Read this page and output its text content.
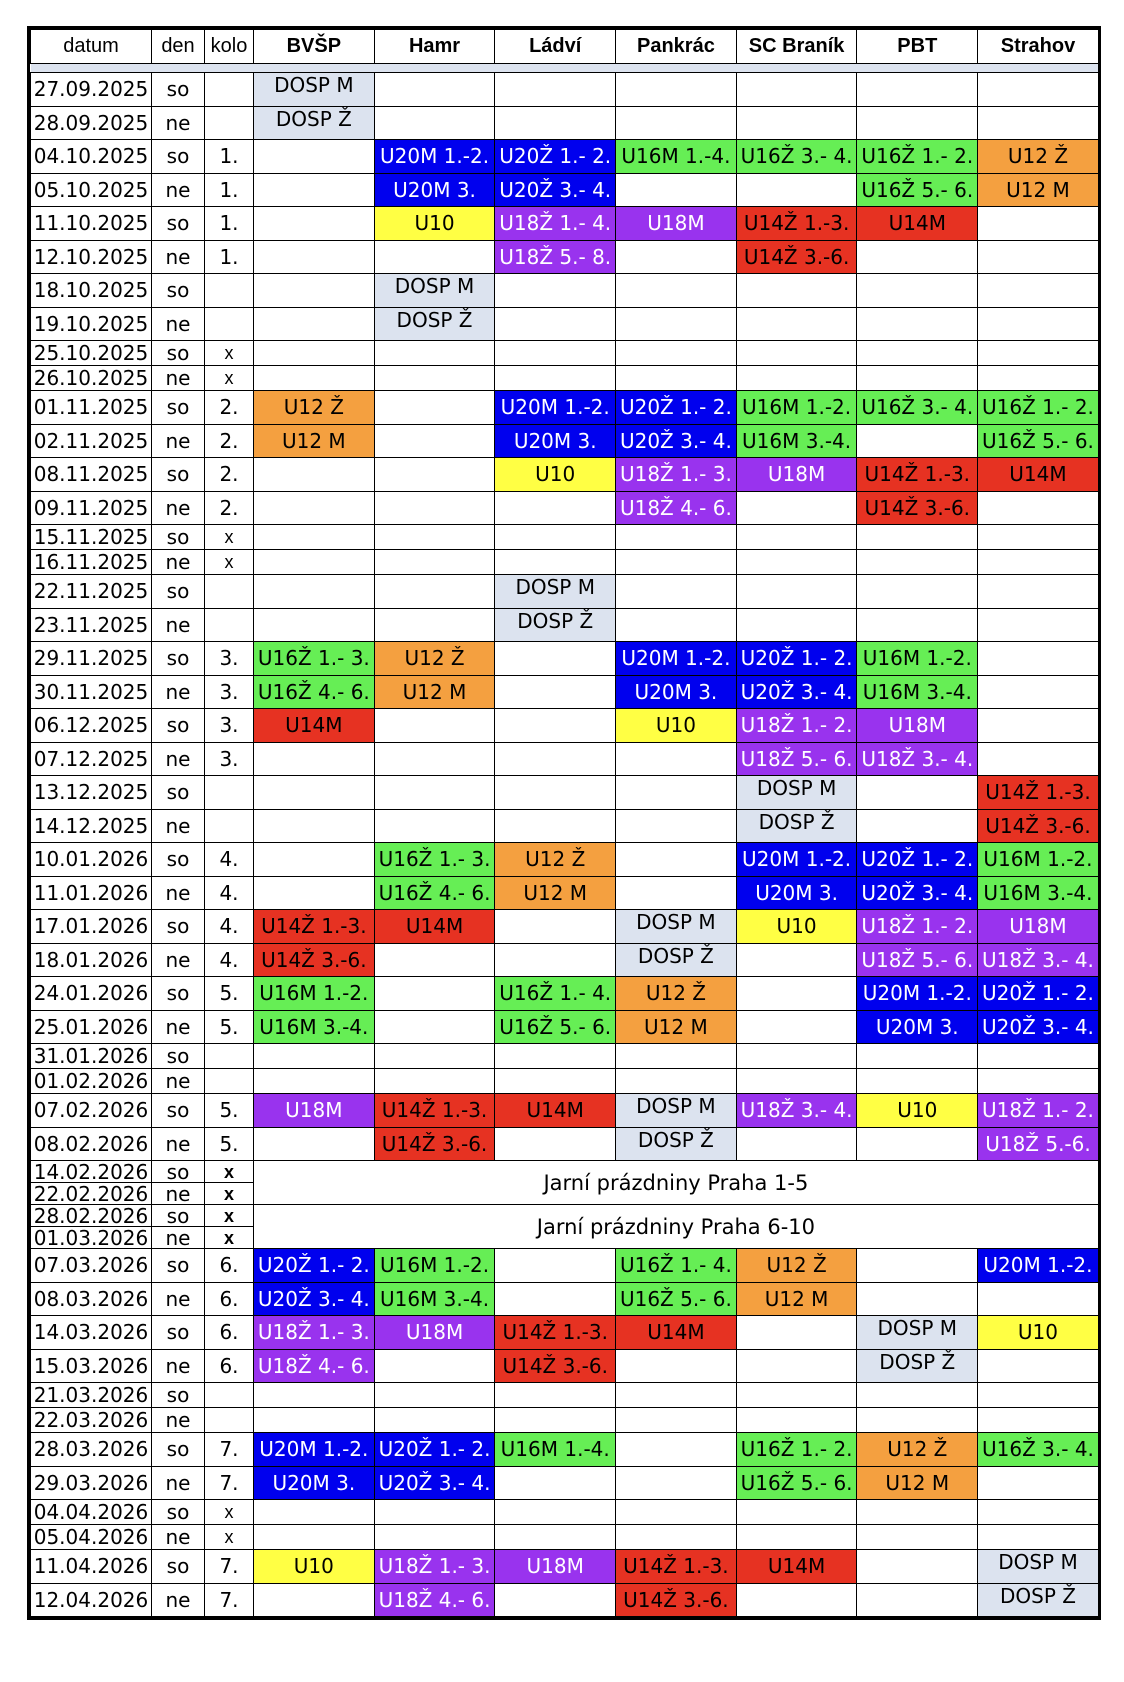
datum	den	kolo	BVŠP	Hamr	Ládví	Pankrác	SC Braník	PBT	Strahov

27.09.2025	so		DOSP M						
28.09.2025	ne		DOSP Ž						
04.10.2025	so	1.		U20M 1.-2.	U20Ž 1.- 2.	U16M 1.-4.	U16Ž 3.- 4.	U16Ž 1.- 2.	U12 Ž
05.10.2025	ne	1.		U20M 3.	U20Ž 3.- 4.			U16Ž 5.- 6.	U12 M
11.10.2025	so	1.		U10	U18Ž 1.- 4.	U18M	U14Ž 1.-3.	U14M	
12.10.2025	ne	1.			U18Ž 5.- 8.		U14Ž 3.-6.		
18.10.2025	so			DOSP M					
19.10.2025	ne			DOSP Ž					
25.10.2025	so	x							
26.10.2025	ne	x							
01.11.2025	so	2.	U12 Ž		U20M 1.-2.	U20Ž 1.- 2.	U16M 1.-2.	U16Ž 3.- 4.	U16Ž 1.- 2.
02.11.2025	ne	2.	U12 M		U20M 3.	U20Ž 3.- 4.	U16M 3.-4.		U16Ž 5.- 6.
08.11.2025	so	2.			U10	U18Ž 1.- 3.	U18M	U14Ž 1.-3.	U14M
09.11.2025	ne	2.				U18Ž 4.- 6.		U14Ž 3.-6.	
15.11.2025	so	x							
16.11.2025	ne	x							
22.11.2025	so				DOSP M				
23.11.2025	ne				DOSP Ž				
29.11.2025	so	3.	U16Ž 1.- 3.	U12 Ž		U20M 1.-2.	U20Ž 1.- 2.	U16M 1.-2.	
30.11.2025	ne	3.	U16Ž 4.- 6.	U12 M		U20M 3.	U20Ž 3.- 4.	U16M 3.-4.	
06.12.2025	so	3.	U14M			U10	U18Ž 1.- 2.	U18M	
07.12.2025	ne	3.					U18Ž 5.- 6.	U18Ž 3.- 4.	
13.12.2025	so						DOSP M		U14Ž 1.-3.
14.12.2025	ne						DOSP Ž		U14Ž 3.-6.
10.01.2026	so	4.		U16Ž 1.- 3.	U12 Ž		U20M 1.-2.	U20Ž 1.- 2.	U16M 1.-2.
11.01.2026	ne	4.		U16Ž 4.- 6.	U12 M		U20M 3.	U20Ž 3.- 4.	U16M 3.-4.
17.01.2026	so	4.	U14Ž 1.-3.	U14M		DOSP M	U10	U18Ž 1.- 2.	U18M
18.01.2026	ne	4.	U14Ž 3.-6.			DOSP Ž		U18Ž 5.- 6.	U18Ž 3.- 4.
24.01.2026	so	5.	U16M 1.-2.		U16Ž 1.- 4.	U12 Ž		U20M 1.-2.	U20Ž 1.- 2.
25.01.2026	ne	5.	U16M 3.-4.		U16Ž 5.- 6.	U12 M		U20M 3.	U20Ž 3.- 4.
31.01.2026	so								
01.02.2026	ne								
07.02.2026	so	5.	U18M	U14Ž 1.-3.	U14M	DOSP M	U18Ž 3.- 4.	U10	U18Ž 1.- 2.
08.02.2026	ne	5.		U14Ž 3.-6.		DOSP Ž			U18Ž 5.-6.
14.02.2026	so	x	Jarní prázdniny Praha 1-5						
22.02.2026	ne	x							
28.02.2026	so	x	Jarní prázdniny Praha 6-10						
01.03.2026	ne	x							
07.03.2026	so	6.	U20Ž 1.- 2.	U16M 1.-2.		U16Ž 1.- 4.	U12 Ž		U20M 1.-2.
08.03.2026	ne	6.	U20Ž 3.- 4.	U16M 3.-4.		U16Ž 5.- 6.	U12 M		
14.03.2026	so	6.	U18Ž 1.- 3.	U18M	U14Ž 1.-3.	U14M		DOSP M	U10
15.03.2026	ne	6.	U18Ž 4.- 6.		U14Ž 3.-6.			DOSP Ž	
21.03.2026	so								
22.03.2026	ne								
28.03.2026	so	7.	U20M 1.-2.	U20Ž 1.- 2.	U16M 1.-4.		U16Ž 1.- 2.	U12 Ž	U16Ž 3.- 4.
29.03.2026	ne	7.	U20M 3.	U20Ž 3.- 4.			U16Ž 5.- 6.	U12 M	
04.04.2026	so	x							
05.04.2026	ne	x							
11.04.2026	so	7.	U10	U18Ž 1.- 3.	U18M	U14Ž 1.-3.	U14M		DOSP M
12.04.2026	ne	7.		U18Ž 4.- 6.		U14Ž 3.-6.			DOSP Ž
